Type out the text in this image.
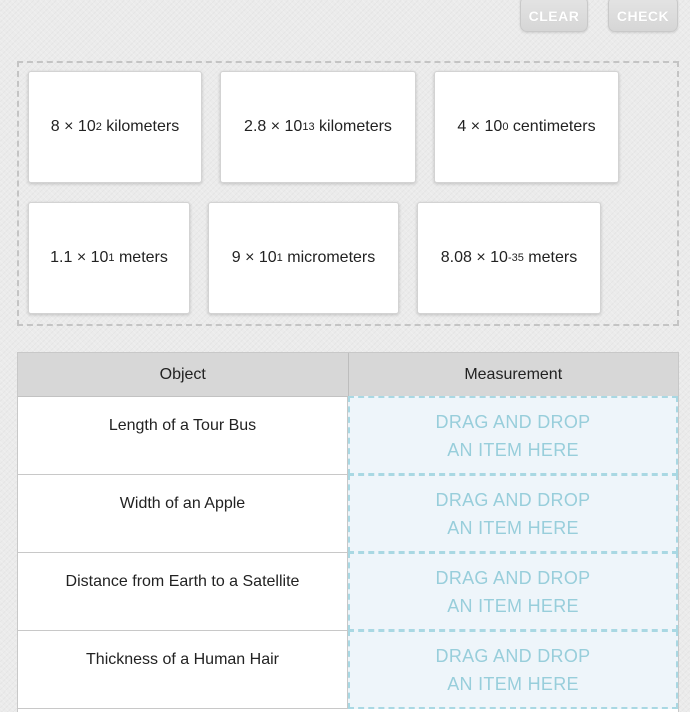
CLEAR	CHECK
8 × 10 2 kilometers	2.8 × 10 13 kilometers	4 × 10 0 centimeters
1.1 × 10 1 meters	9 × 10 1 micrometers	8.08 × 10 -35 meters
Object	Measurement
Length of a Tour Bus	DRAG AND DROP
AN ITEM HERE
Width of an Apple	DRAG AND DROP
AN ITEM HERE
Distance from Earth to a Satellite	DRAG AND DROP
AN ITEM HERE
Thickness of a Human Hair	DRAG AND DROP
AN ITEM HERE
